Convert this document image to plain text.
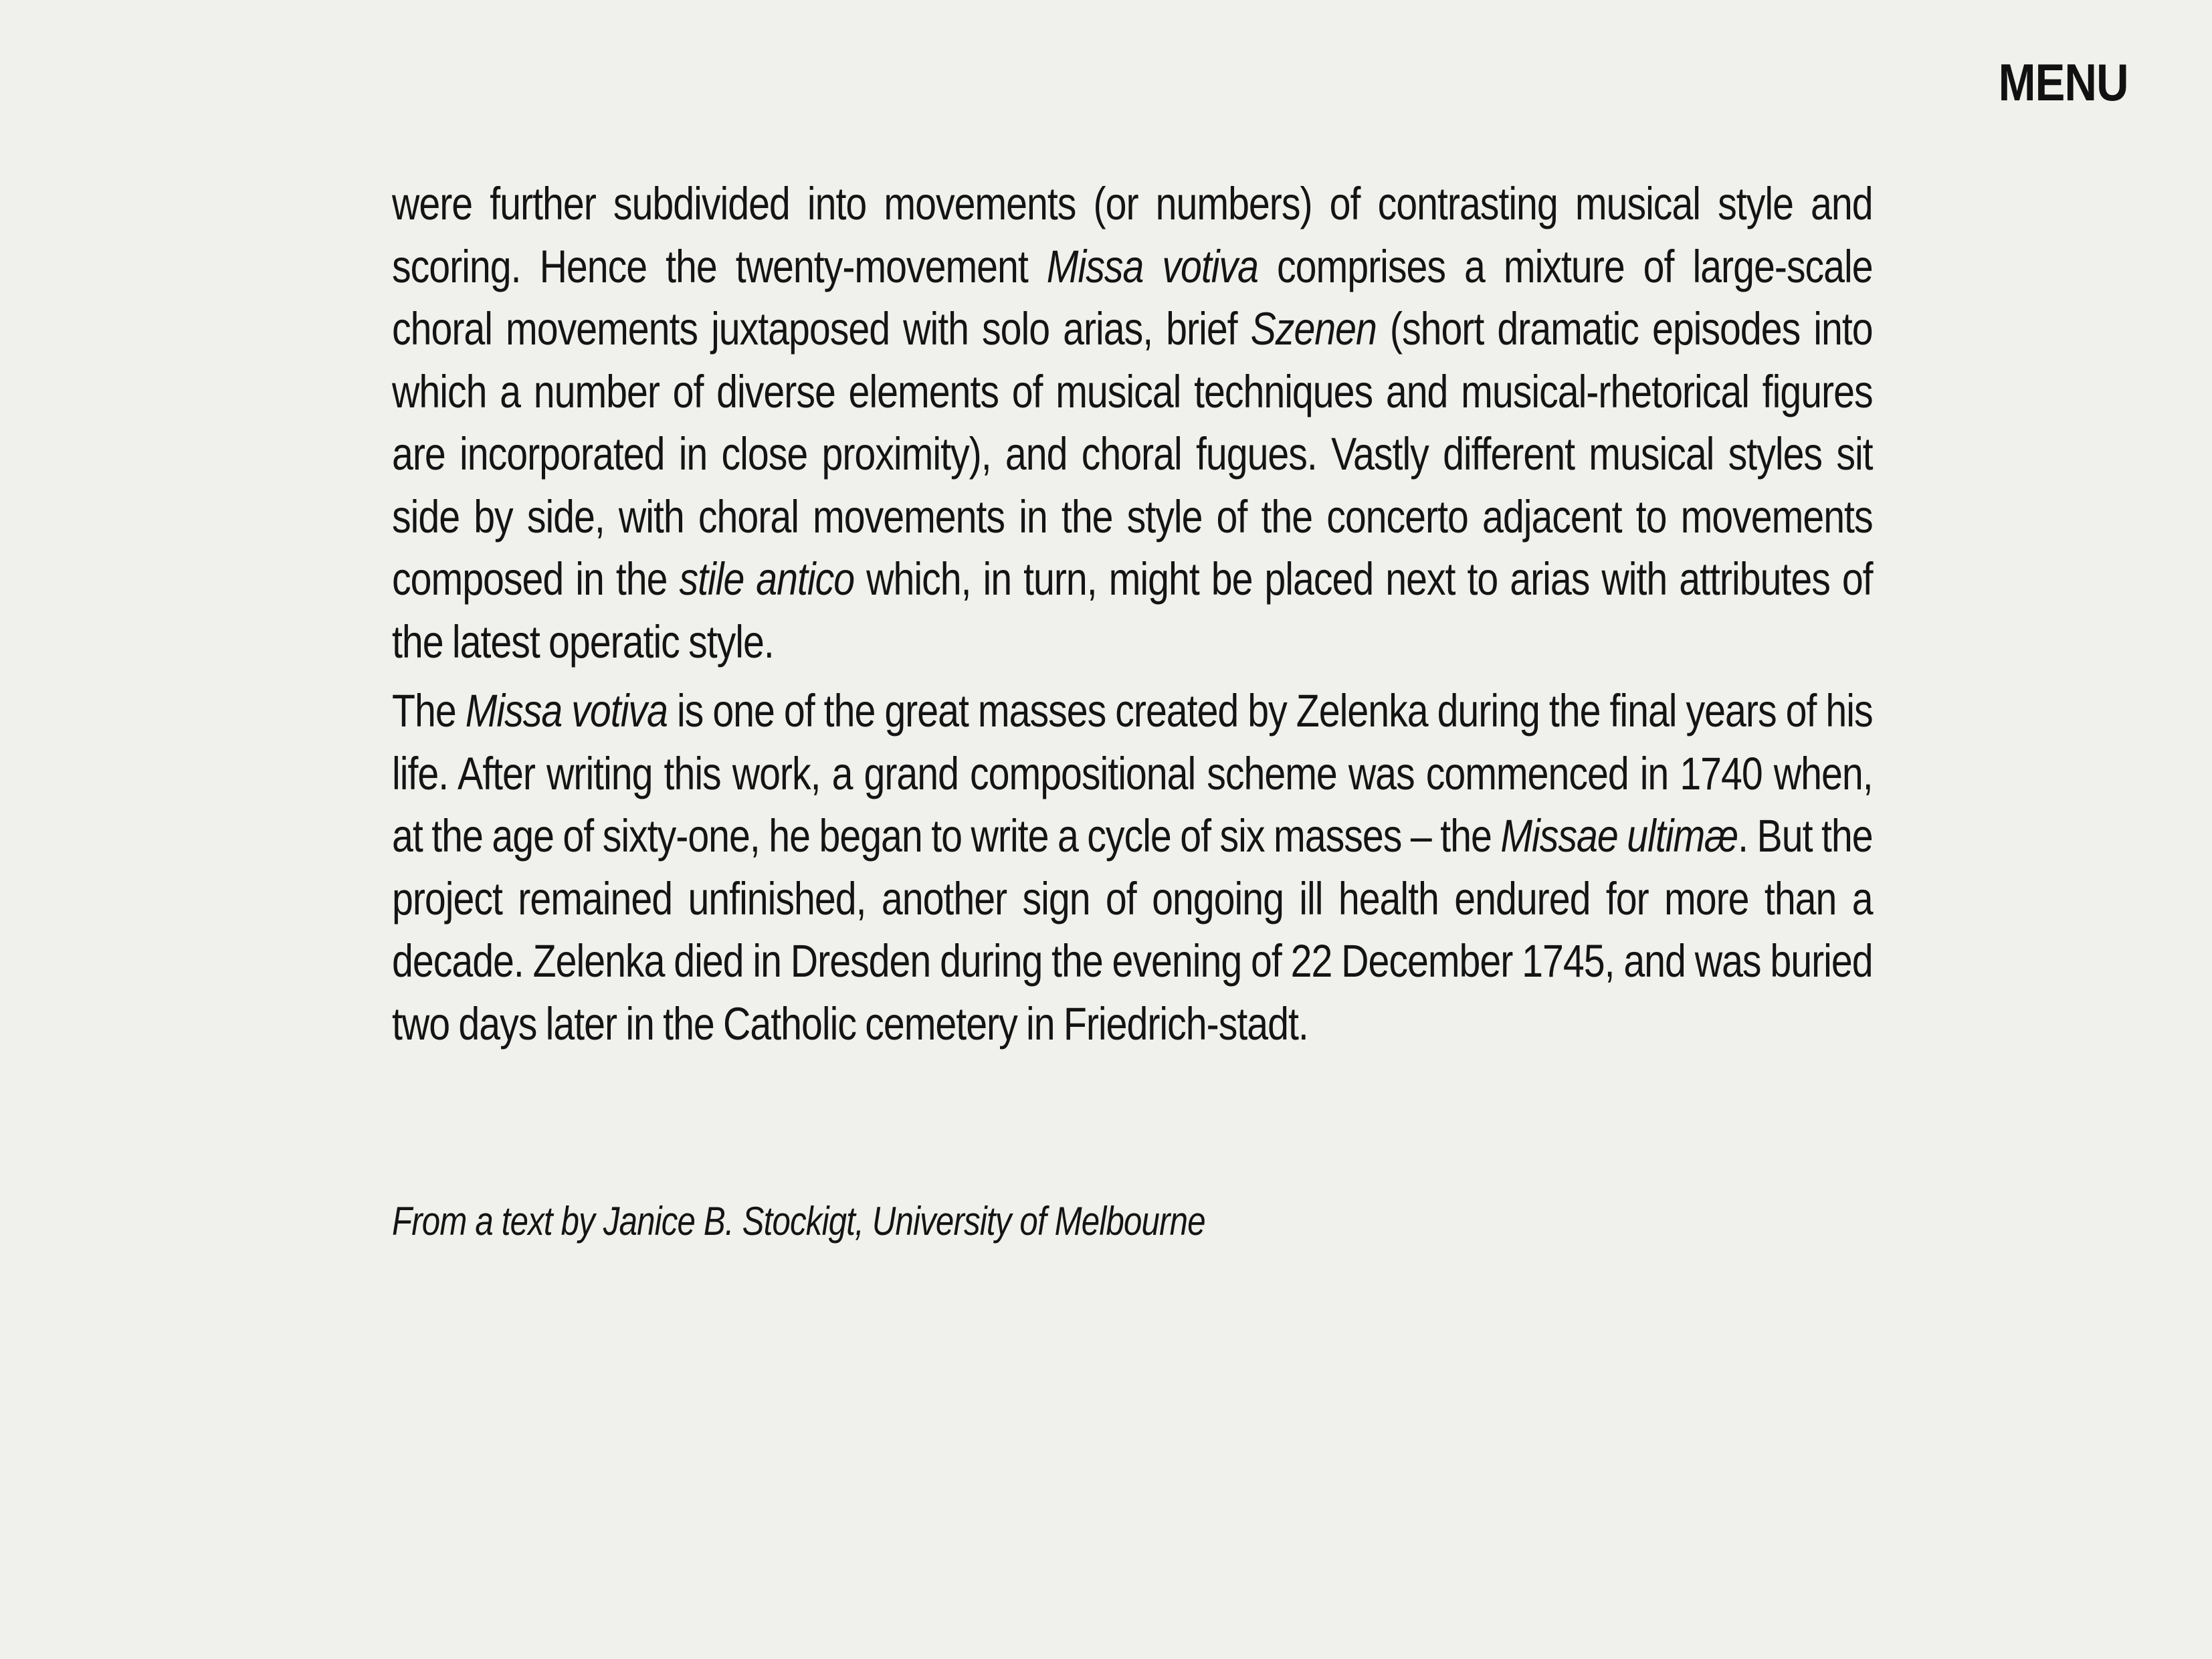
MENU

were further subdivided into movements (or numbers) of contrasting musical style and scoring. Hence the twenty-movement Missa votiva comprises a mixture of large-scale choral movements juxtaposed with solo arias, brief Szenen (short dramatic episodes into which a number of diverse elements of musical techniques and musical-rhetorical figures are incorporated in close proximity), and choral fugues. Vastly different musical styles sit side by side, with choral movements in the style of the concerto adjacent to movements composed in the stile antico which, in turn, might be placed next to arias with attributes of the latest operatic style.

The Missa votiva is one of the great masses created by Zelenka during the final years of his life. After writing this work, a grand compositional scheme was commenced in 1740 when, at the age of sixty-one, he began to write a cycle of six masses – the Missae ultimæ. But the project remained unfinished, another sign of ongoing ill health endured for more than a decade. Zelenka died in Dresden during the evening of 22 December 1745, and was buried two days later in the Catholic cemetery in Friedrich-stadt.

From a text by Janice B. Stockigt, University of Melbourne
